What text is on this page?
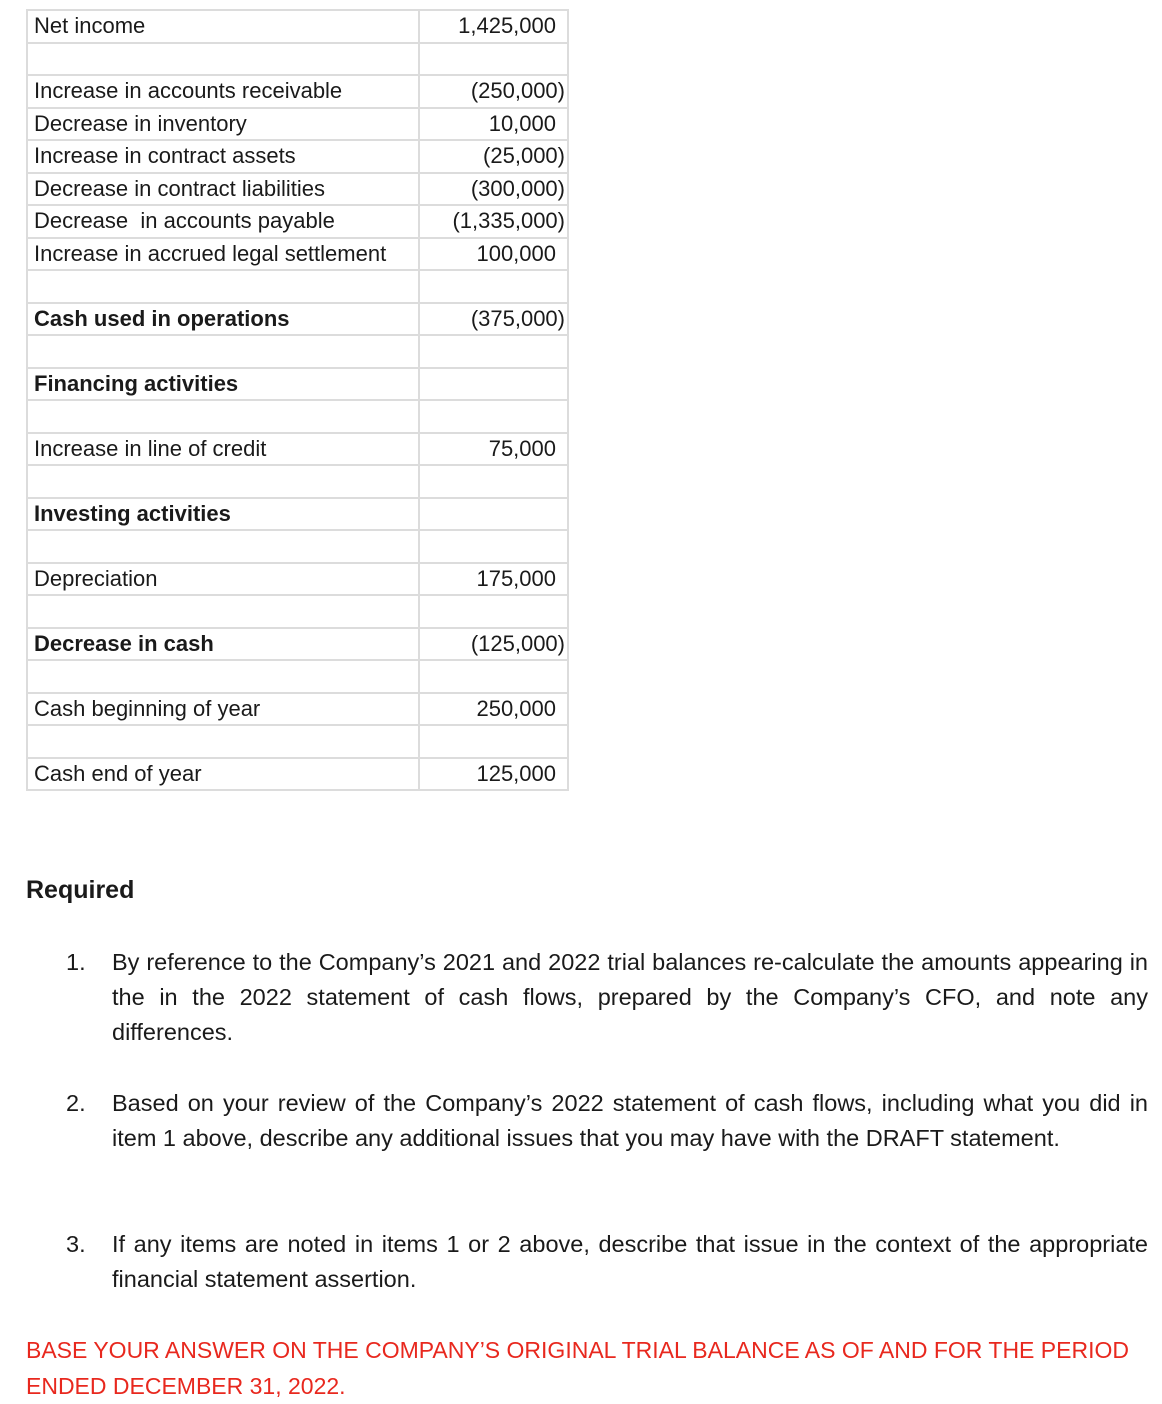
Net income	1,425,000

Increase in accounts receivable	(250,000)
Decrease in inventory	10,000
Increase in contract assets	(25,000)
Decrease in contract liabilities	(300,000)
Decrease  in accounts payable	(1,335,000)
Increase in accrued legal settlement	100,000

Cash used in operations	(375,000)

Financing activities	

Increase in line of credit	75,000

Investing activities	

Depreciation	175,000

Decrease in cash	(125,000)

Cash beginning of year	250,000

Cash end of year	125,000
Required
1.	By reference to the Company’s 2021 and 2022 trial balances re-calculate the amounts appearing in the in the 2022 statement of cash flows, prepared by the Company’s CFO, and note any differences.
2.	Based on your review of the Company’s 2022 statement of cash flows, including what you did in item 1 above, describe any additional issues that you may have with the DRAFT statement.
3.	If any items are noted in items 1 or 2 above, describe that issue in the context of the appropriate financial statement assertion.
BASE YOUR ANSWER ON THE COMPANY’S ORIGINAL TRIAL BALANCE AS OF AND FOR THE PERIOD ENDED DECEMBER 31, 2022.
